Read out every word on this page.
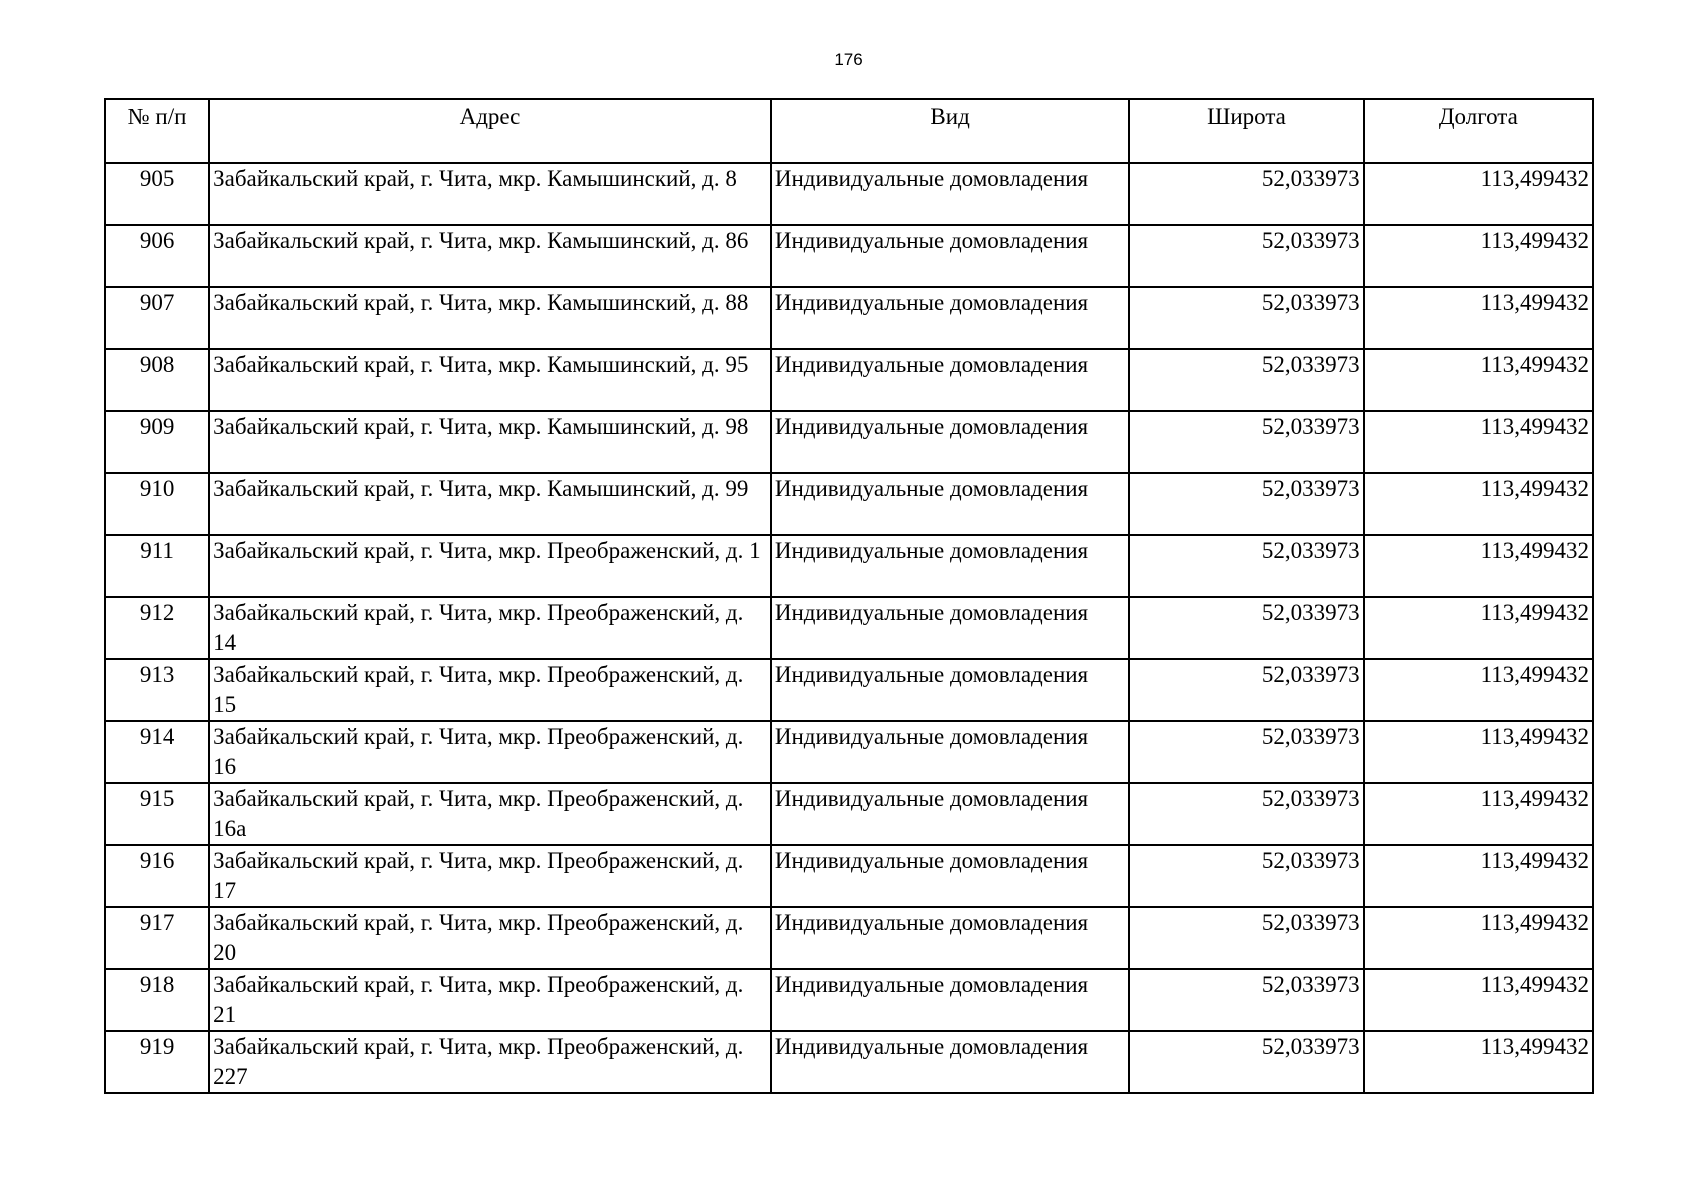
176
№ п/п	Адрес	Вид	Широта	Долгота
905	Забайкальский край, г. Чита, мкр. Камышинский, д. 8	Индивидуальные домовладения	52,033973	113,499432
906	Забайкальский край, г. Чита, мкр. Камышинский, д. 86	Индивидуальные домовладения	52,033973	113,499432
907	Забайкальский край, г. Чита, мкр. Камышинский, д. 88	Индивидуальные домовладения	52,033973	113,499432
908	Забайкальский край, г. Чита, мкр. Камышинский, д. 95	Индивидуальные домовладения	52,033973	113,499432
909	Забайкальский край, г. Чита, мкр. Камышинский, д. 98	Индивидуальные домовладения	52,033973	113,499432
910	Забайкальский край, г. Чита, мкр. Камышинский, д. 99	Индивидуальные домовладения	52,033973	113,499432
911	Забайкальский край, г. Чита, мкр. Преображенский, д. 1	Индивидуальные домовладения	52,033973	113,499432
912	Забайкальский край, г. Чита, мкр. Преображенский, д. 14	Индивидуальные домовладения	52,033973	113,499432
913	Забайкальский край, г. Чита, мкр. Преображенский, д. 15	Индивидуальные домовладения	52,033973	113,499432
914	Забайкальский край, г. Чита, мкр. Преображенский, д. 16	Индивидуальные домовладения	52,033973	113,499432
915	Забайкальский край, г. Чита, мкр. Преображенский, д. 16а	Индивидуальные домовладения	52,033973	113,499432
916	Забайкальский край, г. Чита, мкр. Преображенский, д. 17	Индивидуальные домовладения	52,033973	113,499432
917	Забайкальский край, г. Чита, мкр. Преображенский, д. 20	Индивидуальные домовладения	52,033973	113,499432
918	Забайкальский край, г. Чита, мкр. Преображенский, д. 21	Индивидуальные домовладения	52,033973	113,499432
919	Забайкальский край, г. Чита, мкр. Преображенский, д. 227	Индивидуальные домовладения	52,033973	113,499432
